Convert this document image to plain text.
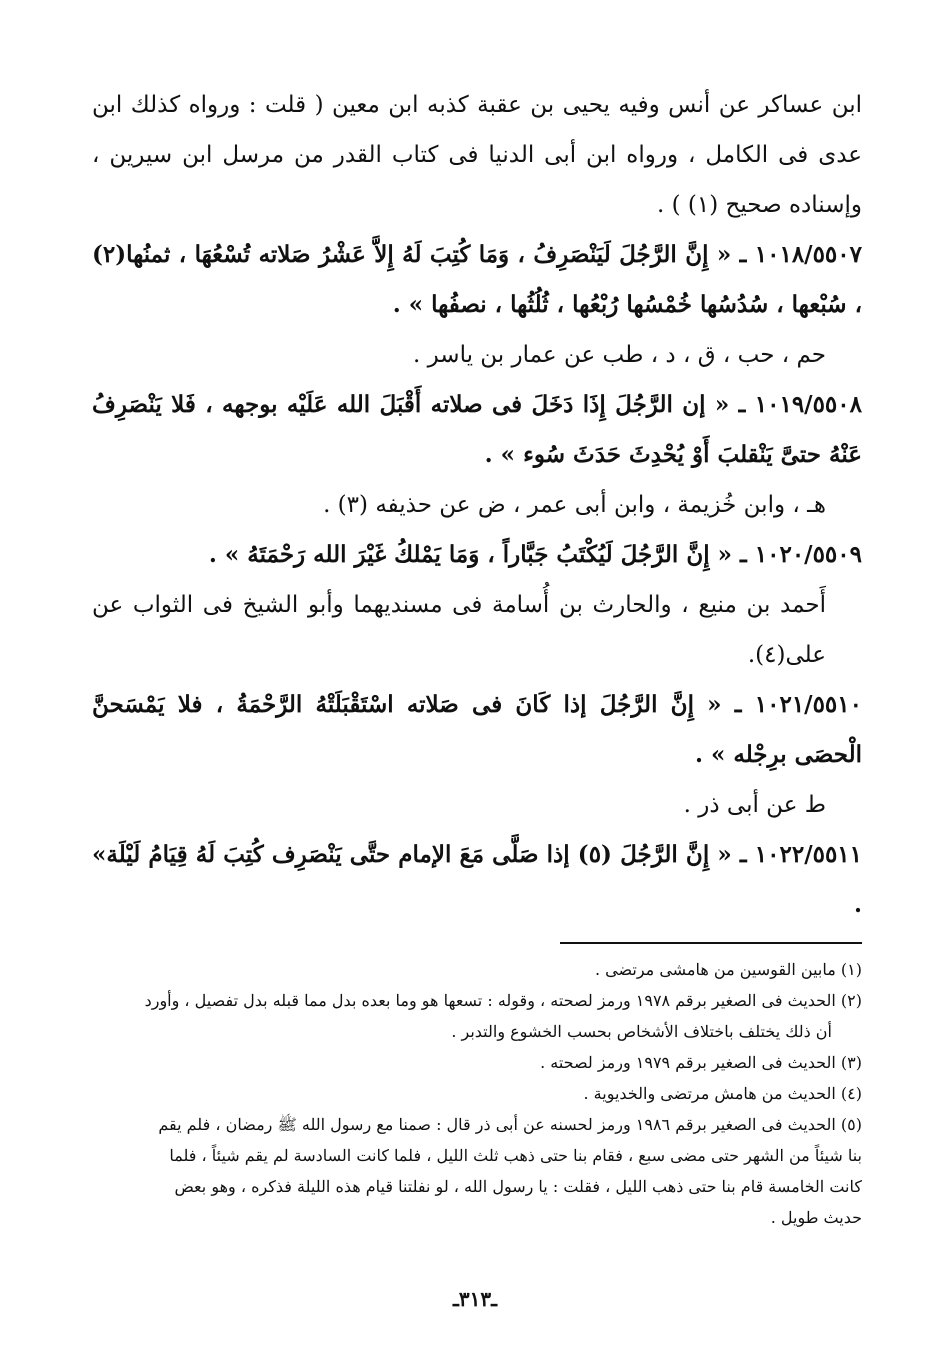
ابن عساكر عن أنس وفيه يحيى بن عقبة كذبه ابن معين ( قلت : ورواه كذلك ابن عدى فى الكامل ، ورواه ابن أبى الدنيا فى كتاب القدر من مرسل ابن سيرين ، وإسناده صحيح (١) ) .

١٠١٨/٥٥٠٧ ـ « إِنَّ الرَّجُلَ لَيَنْصَرِفُ ، وَمَا كُتِبَ لَهُ إِلاَّ عَشْرُ صَلاته تُسْعُهَا ، ثمنُها(٢) ، سُبْعها ، سُدُسُها خُمْسُها رُبْعُها ، ثُلُثُها ، نصفُها » .

حم ، حب ، ق ، د ، طب عن عمار بن ياسر .

١٠١٩/٥٥٠٨ ـ « إن الرَّجُلَ إِذَا دَخَلَ فى صلاته أَقْبَلَ الله عَلَيْه بوجهه ، فَلا يَنْصَرِفُ عَنْهُ حتىَّ يَنْقلبَ أَوْ يُحْدِثَ حَدَثَ سُوء » .

هـ ، وابن خُزيمة ، وابن أبى عمر ، ض عن حذيفه (٣) .

١٠٢٠/٥٥٠٩ ـ « إِنَّ الرَّجُلَ لَيُكْتَبُ جَبَّاراً ، وَمَا يَمْلكُ غَيْرَ الله رَحْمَتَهُ » .

أَحمد بن منيع ، والحارث بن أُسامة فى مسنديهما وأبو الشيخ فى الثواب عن على(٤).

١٠٢١/٥٥١٠ ـ « إِنَّ الرَّجُلَ إذا كَانَ فى صَلاته اسْتَقْبَلَتْهُ الرَّحْمَةُ ، فلا يَمْسَحنَّ الْحصَى برِجْله » .

ط عن أبى ذر .

١٠٢٢/٥٥١١ ـ « إِنَّ الرَّجُلَ (٥) إذا صَلَّى مَعَ الإمام حتَّى يَنْصَرِف كُتِبَ لَهُ قِيَامُ لَيْلَة» .

(١) مابين القوسين من هامشى مرتضى .

(٢) الحديث فى الصغير برقم ١٩٧٨ ورمز لصحته ، وقوله : تسعها هو وما بعده بدل مما قبله بدل تفصيل ، وأورد

أن ذلك يختلف باختلاف الأشخاص بحسب الخشوع والتدبر .

(٣) الحديث فى الصغير برقم ١٩٧٩ ورمز لصحته .

(٤) الحديث من هامش مرتضى والخديوية .

(٥) الحديث فى الصغير برقم ١٩٨٦ ورمز لحسنه عن أبى ذر قال : صمنا مع رسول الله ﷺ رمضان ، فلم يقم

بنا شيئاً من الشهر حتى مضى سبع ، فقام بنا حتى ذهب ثلث الليل ، فلما كانت السادسة لم يقم شيئاً ، فلما

كانت الخامسة قام بنا حتى ذهب الليل ، فقلت : يا رسول الله ، لو نفلتنا قيام هذه الليلة فذكره ، وهو بعض

حديث طويل .

ـ٣١٣ـ
